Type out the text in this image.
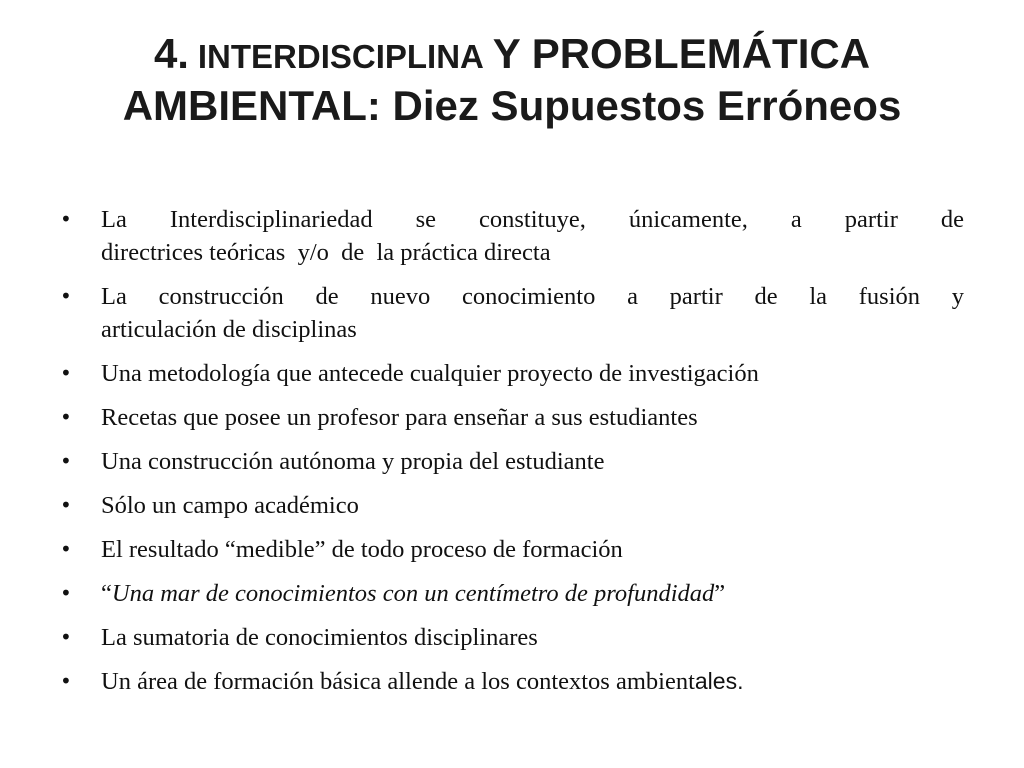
4. INTERDISCIPLINA Y PROBLEMÁTICA
AMBIENTAL: Diez Supuestos Erróneos
• La Interdisciplinariedad se constituye, únicamente, a partir de
directrices teóricas  y/o  de  la práctica directa
• La construcción de nuevo conocimiento a partir de la fusión y
articulación de disciplinas
• Una metodología que antecede cualquier proyecto de investigación
• Recetas que posee un profesor para enseñar a sus estudiantes
• Una construcción autónoma y propia del estudiante
• Sólo un campo académico
• El resultado “medible” de todo proceso de formación
• “Una mar de conocimientos con un centímetro de profundidad”
• La sumatoria de conocimientos disciplinares
• Un área de formación básica allende a los contextos ambientales.
